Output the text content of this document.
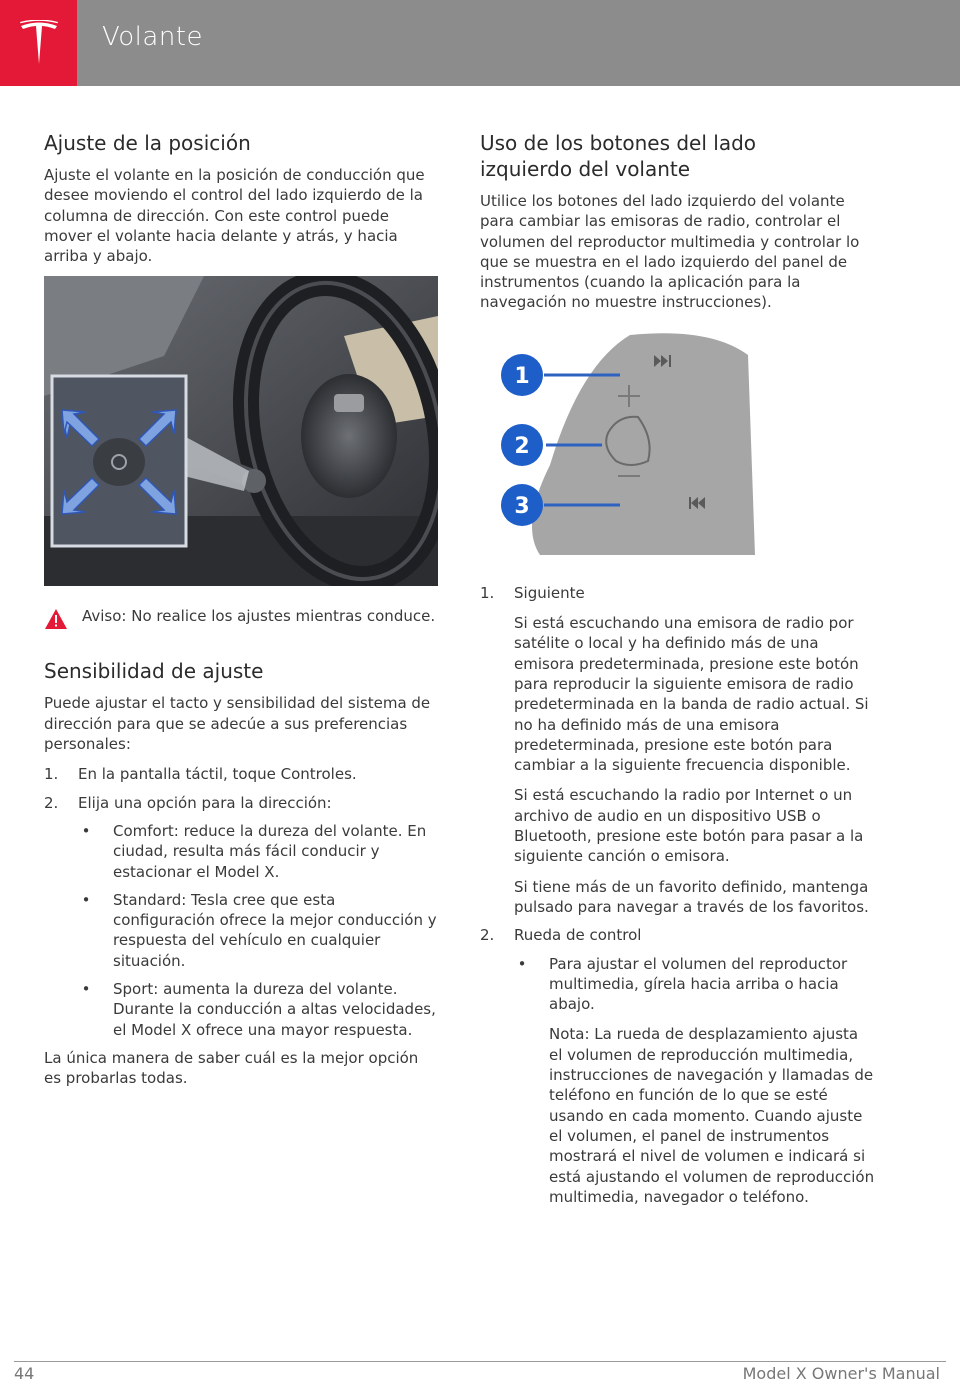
Volante
Ajuste de la posición

Ajuste el volante en la posición de conducción que desee moviendo el control del lado izquierdo de la columna de dirección. Con este control puede mover el volante hacia delante y atrás, y hacia arriba y abajo.

Aviso: No realice los ajustes mientras conduce.

Sensibilidad de ajuste

Puede ajustar el tacto y sensibilidad del sistema de dirección para que se adecúe a sus preferencias personales:

1. En la pantalla táctil, toque Controles.
2. Elija una opción para la dirección:
• Comfort: reduce la dureza del volante. En ciudad, resulta más fácil conducir y estacionar el Model X.
• Standard: Tesla cree que esta configuración ofrece la mejor conducción y respuesta del vehículo en cualquier situación.
• Sport: aumenta la dureza del volante. Durante la conducción a altas velocidades, el Model X ofrece una mayor respuesta.

La única manera de saber cuál es la mejor opción es probarlas todas.

Uso de los botones del lado izquierdo del volante

Utilice los botones del lado izquierdo del volante para cambiar las emisoras de radio, controlar el volumen del reproductor multimedia y controlar lo que se muestra en el lado izquierdo del panel de instrumentos (cuando la aplicación para la navegación no muestre instrucciones).

1
2
3
1. Siguiente

Si está escuchando una emisora de radio por satélite o local y ha definido más de una emisora predeterminada, presione este botón para reproducir la siguiente emisora de radio predeterminada en la banda de radio actual. Si no ha definido más de una emisora predeterminada, presione este botón para cambiar a la siguiente frecuencia disponible.

Si está escuchando la radio por Internet o un archivo de audio en un dispositivo USB o Bluetooth, presione este botón para pasar a la siguiente canción o emisora.

Si tiene más de un favorito definido, mantenga pulsado para navegar a través de los favoritos.

2. Rueda de control
• Para ajustar el volumen del reproductor multimedia, gírela hacia arriba o hacia abajo.

Nota: La rueda de desplazamiento ajusta el volumen de reproducción multimedia, instrucciones de navegación y llamadas de teléfono en función de lo que se esté usando en cada momento. Cuando ajuste el volumen, el panel de instrumentos mostrará el nivel de volumen e indicará si está ajustando el volumen de reproducción multimedia, navegador o teléfono.

44	Model X Owner's Manual
